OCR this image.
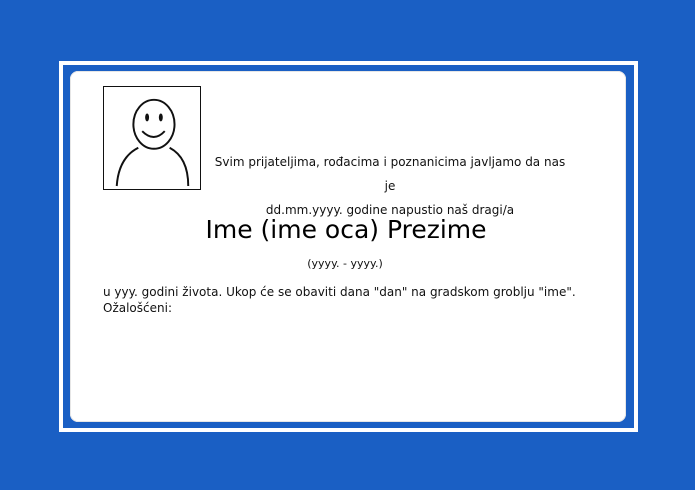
Svim prijateljima, rođacima i poznanicima javljamo da nas je
dd.mm.yyyy. godine napustio naš dragi/a
Ime (ime oca) Prezime
(yyyy. - yyyy.)
u yyy. godini života. Ukop će se obaviti dana "dan" na gradskom groblju "ime".
Ožalošćeni:
